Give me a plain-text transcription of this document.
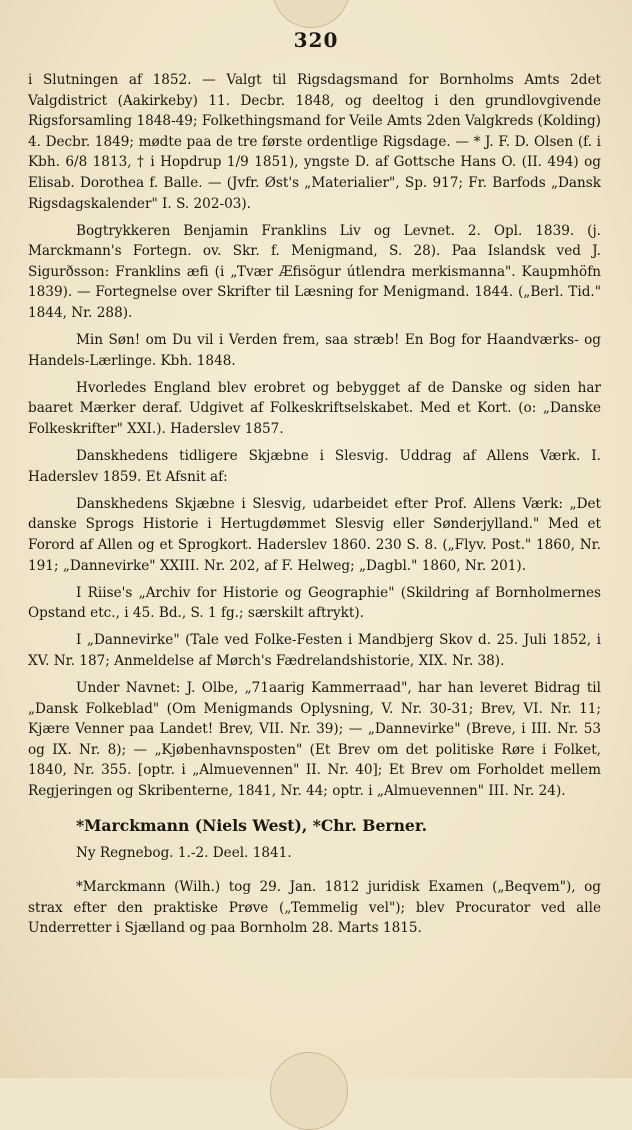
320

i Slutningen af 1852. — Valgt til Rigsdagsmand for Bornholms Amts 2det Valgdistrict (Aakirkeby) 11. Decbr. 1848, og deeltog i den grundlovgivende Rigsforsamling 1848-49; Folkethingsmand for Veile Amts 2den Valgkreds (Kolding) 4. Decbr. 1849; mødte paa de tre første ordentlige Rigsdage. — * J. F. D. Olsen (f. i Kbh. 6/8 1813, † i Hopdrup 1/9 1851), yngste D. af Gottsche Hans O. (II. 494) og Elisab. Dorothea f. Balle. — (Jvfr. Øst's „Materialier", Sp. 917; Fr. Barfods „Dansk Rigsdagskalender" I. S. 202-03).

Bogtrykkeren Benjamin Franklins Liv og Levnet. 2. Opl. 1839. (j. Marckmann's Fortegn. ov. Skr. f. Menigmand, S. 28). Paa Islandsk ved J. Sigurðsson: Franklins æfi (i „Tvær Æfisögur útlendra merkismanna". Kaupmhöfn 1839). — Fortegnelse over Skrifter til Læsning for Menigmand. 1844. („Berl. Tid." 1844, Nr. 288).

Min Søn! om Du vil i Verden frem, saa stræb! En Bog for Haandværks- og Handels-Lærlinge. Kbh. 1848.

Hvorledes England blev erobret og bebygget af de Danske og siden har baaret Mærker deraf. Udgivet af Folkeskriftselskabet. Med et Kort. (o: „Danske Folkeskrifter" XXI.). Haderslev 1857.

Danskhedens tidligere Skjæbne i Slesvig. Uddrag af Allens Værk. I. Haderslev 1859. Et Afsnit af:

Danskhedens Skjæbne i Slesvig, udarbeidet efter Prof. Allens Værk: „Det danske Sprogs Historie i Hertugdømmet Slesvig eller Sønderjylland." Med et Forord af Allen og et Sprogkort. Haderslev 1860. 230 S. 8. („Flyv. Post." 1860, Nr. 191; „Dannevirke" XXIII. Nr. 202, af F. Helweg; „Dagbl." 1860, Nr. 201).

I Riise's „Archiv for Historie og Geographie" (Skildring af Bornholmernes Opstand etc., i 45. Bd., S. 1 fg.; særskilt aftrykt).

I „Dannevirke" (Tale ved Folke-Festen i Mandbjerg Skov d. 25. Juli 1852, i XV. Nr. 187; Anmeldelse af Mørch's Fædrelandshistorie, XIX. Nr. 38).

Under Navnet: J. Olbe, „71aarig Kammerraad", har han leveret Bidrag til „Dansk Folkeblad" (Om Menigmands Oplysning, V. Nr. 30-31; Brev, VI. Nr. 11; Kjære Venner paa Landet! Brev, VII. Nr. 39); — „Dannevirke" (Breve, i III. Nr. 53 og IX. Nr. 8); — „Kjøbenhavnsposten" (Et Brev om det politiske Røre i Folket, 1840, Nr. 355. [optr. i „Almuevennen" II. Nr. 40]; Et Brev om Forholdet mellem Regjeringen og Skribenterne, 1841, Nr. 44; optr. i „Almuevennen" III. Nr. 24).

*Marckmann (Niels West), *Chr. Berner.

Ny Regnebog. 1.-2. Deel. 1841.

*Marckmann (Wilh.) tog 29. Jan. 1812 juridisk Examen („Beqvem"), og strax efter den praktiske Prøve („Temmelig vel"); blev Procurator ved alle Underretter i Sjælland og paa Bornholm 28. Marts 1815.
